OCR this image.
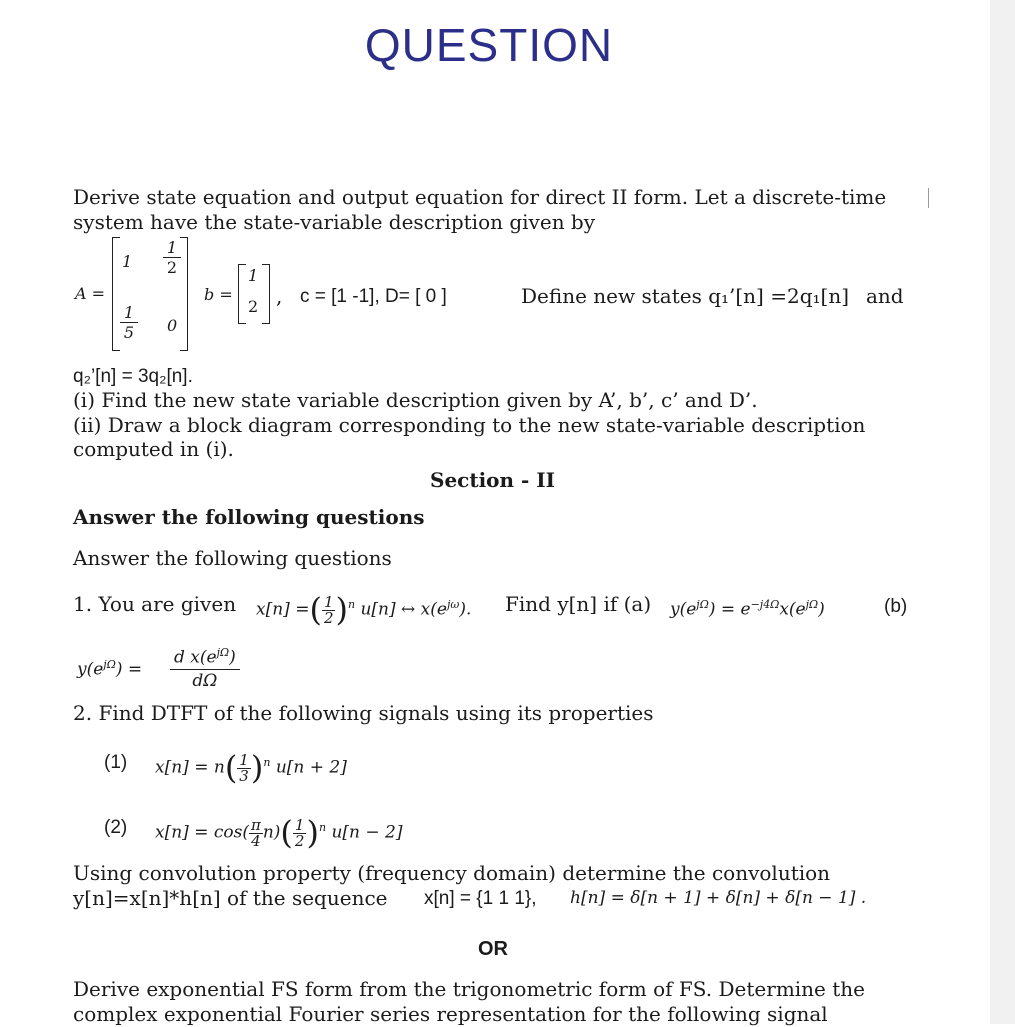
QUESTION
Derive state equation and output equation for direct II form. Let a discrete-time
system have the state-variable description given by
A =
$1 \frac{1}{2}$
$\frac{1}{5} 0$
b =
1
2 , c = [1 -1], D= [ 0 ]	Define new states q₁’[n] =2q₁[n] and
q₂’[n] = 3q₂[n].
(i) Find the new state variable description given by A’, b’, c’ and D’.
(ii) Draw a block diagram corresponding to the new state-variable description
computed in (i).
Section - II
Answer the following questions
Answer the following questions
1. You are given x[n] =( $\frac{1}{2} )^n$ u[n] ↔ $x(e^{j\omega})$. Find y[n] if (a) $y(e^{j\Omega}) = e^{-j4\Omega}x(e^{j\Omega})$	(b)
$y(e^{j\Omega})$ =
d $x(e^{j\Omega})$
dΩ
2. Find DTFT of the following signals using its properties
(1) $x[n] = n( \frac{1}{3} )^n$ u[n + 2]
(2) $x[n] = \cos( \frac{\pi}{4} n)( \frac{1}{2} )^n$ u[n − 2]
Using convolution property (frequency domain) determine the convolution
y[n]=x[n]*h[n] of the sequence x[n] = {1 1 1}, h[n] = δ[n + 1] + δ[n] + δ[n − 1] .
OR
Derive exponential FS form from the trigonometric form of FS. Determine the
complex exponential Fourier series representation for the following signal
